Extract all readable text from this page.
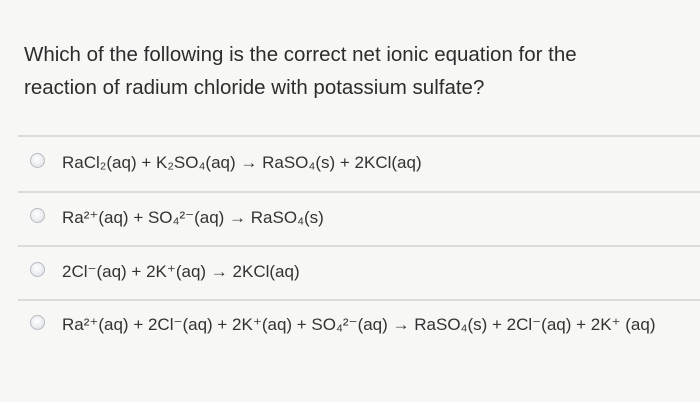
Which of the following is the correct net ionic equation for the
reaction of radium chloride with potassium sulfate?
RaCl₂(aq) + K₂SO₄(aq) → RaSO₄(s) + 2KCl(aq)
Ra²⁺(aq) + SO₄²⁻(aq) → RaSO₄(s)
2Cl⁻(aq) + 2K⁺(aq) → 2KCl(aq)
Ra²⁺(aq) + 2Cl⁻(aq) + 2K⁺(aq) + SO₄²⁻(aq) → RaSO₄(s) + 2Cl⁻(aq) + 2K⁺ (aq)
